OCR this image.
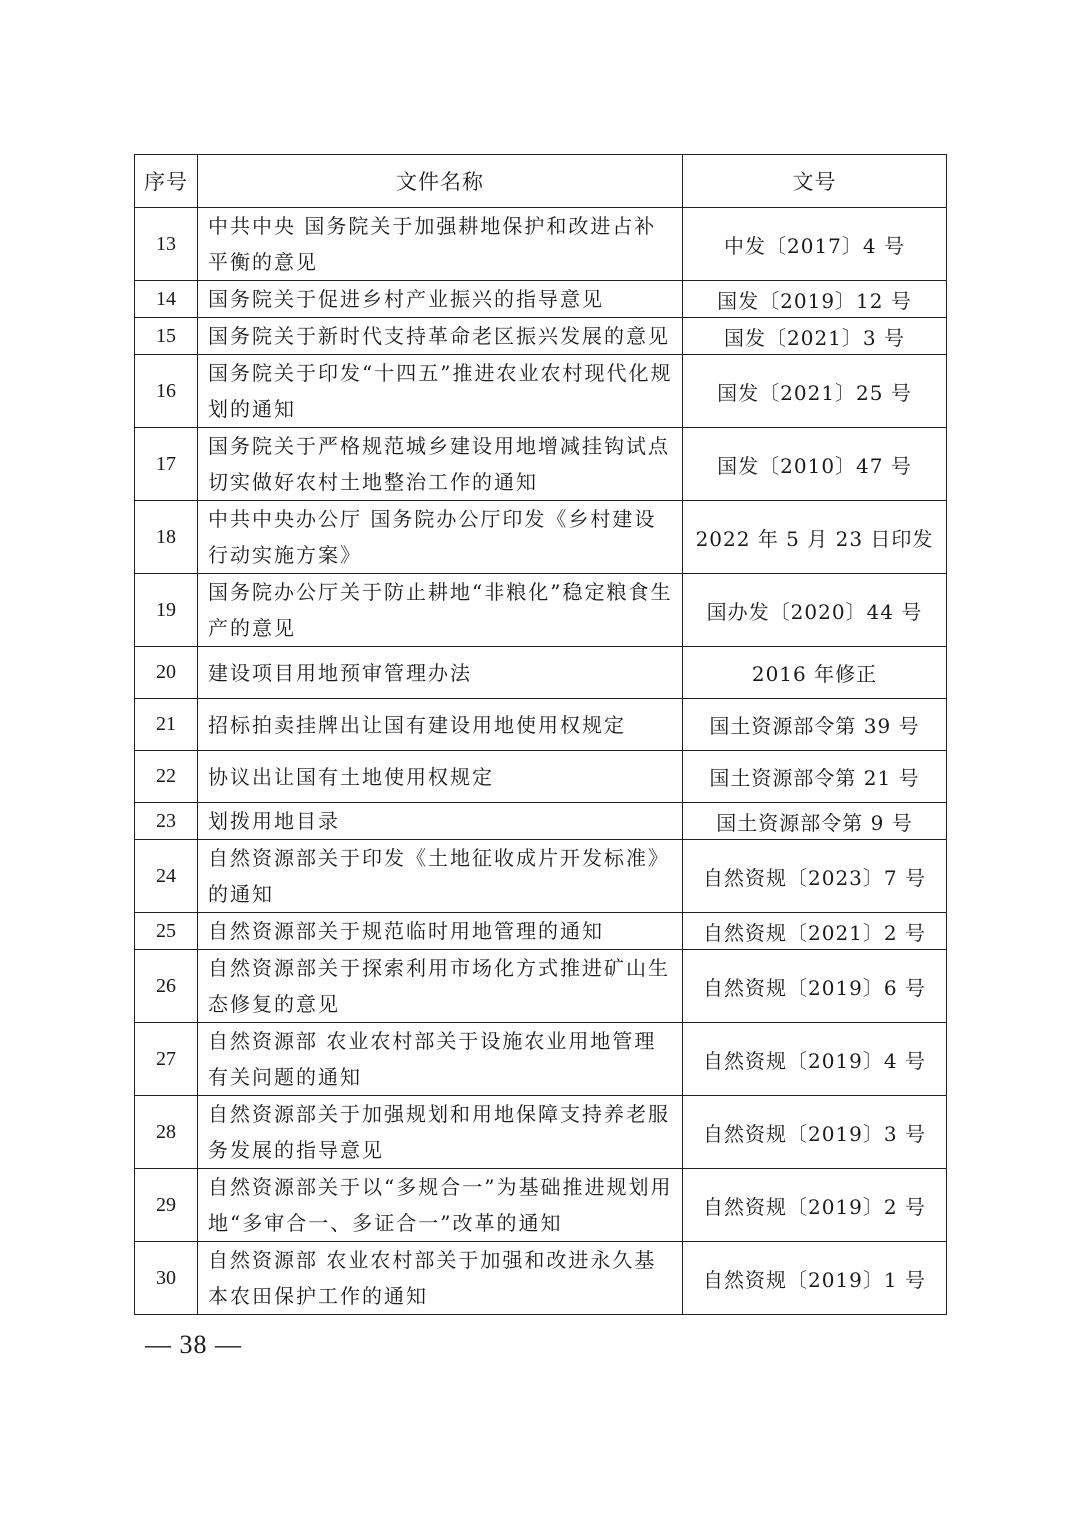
序号	文件名称	文号
13	中共中央 国务院关于加强耕地保护和改进占补平衡的意见	中发〔2017〕4 号
14	国务院关于促进乡村产业振兴的指导意见	国发〔2019〕12 号
15	国务院关于新时代支持革命老区振兴发展的意见	国发〔2021〕3 号
16	国务院关于印发“十四五”推进农业农村现代化规划的通知	国发〔2021〕25 号
17	国务院关于严格规范城乡建设用地增减挂钩试点切实做好农村土地整治工作的通知	国发〔2010〕47 号
18	中共中央办公厅 国务院办公厅印发《乡村建设行动实施方案》	2022 年 5 月 23 日印发
19	国务院办公厅关于防止耕地“非粮化”稳定粮食生产的意见	国办发〔2020〕44 号
20	建设项目用地预审管理办法	2016 年修正
21	招标拍卖挂牌出让国有建设用地使用权规定	国土资源部令第 39 号
22	协议出让国有土地使用权规定	国土资源部令第 21 号
23	划拨用地目录	国土资源部令第 9 号
24	自然资源部关于印发《土地征收成片开发标准》的通知	自然资规〔2023〕7 号
25	自然资源部关于规范临时用地管理的通知	自然资规〔2021〕2 号
26	自然资源部关于探索利用市场化方式推进矿山生态修复的意见	自然资规〔2019〕6 号
27	自然资源部 农业农村部关于设施农业用地管理有关问题的通知	自然资规〔2019〕4 号
28	自然资源部关于加强规划和用地保障支持养老服务发展的指导意见	自然资规〔2019〕3 号
29	自然资源部关于以“多规合一”为基础推进规划用地“多审合一、多证合一”改革的通知	自然资规〔2019〕2 号
30	自然资源部 农业农村部关于加强和改进永久基本农田保护工作的通知	自然资规〔2019〕1 号
— 38 —
